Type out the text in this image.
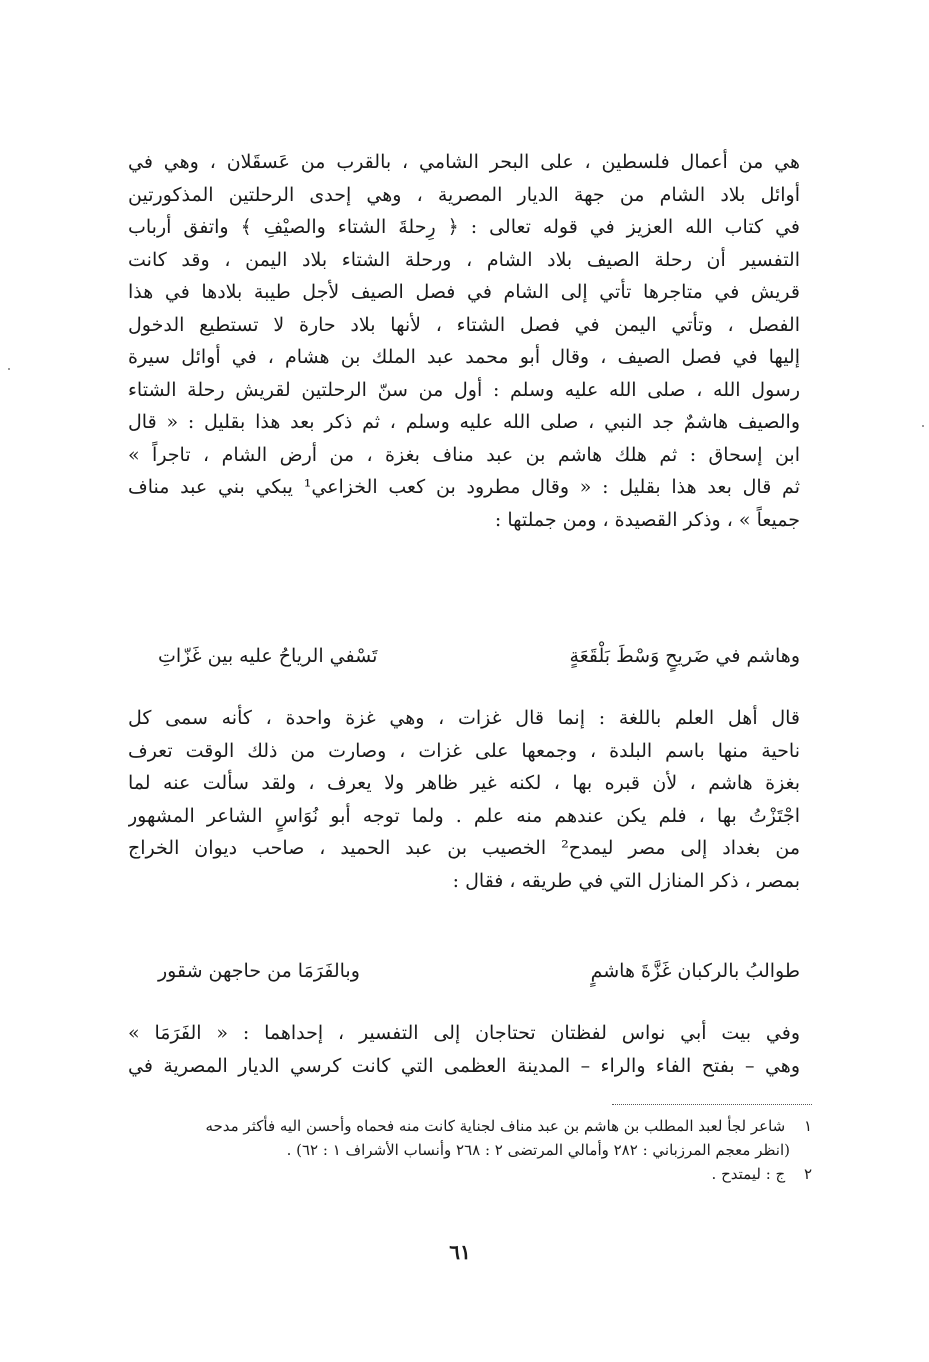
هي من أعمال فلسطين ، على البحر الشامي ، بالقرب من عَسقَلان ، وهي في
أوائل بلاد الشام من جهة الديار المصرية ، وهي إحدى الرحلتين المذكورتين
في كتاب الله العزيز في قوله تعالى : ﴿ رِحلةَ الشتاء والصيْفِ ﴾ واتفق أرباب
التفسير أن رحلة الصيف بلاد الشام ، ورحلة الشتاء بلاد اليمن ، وقد كانت
قريش في متاجرها تأتي إلى الشام في فصل الصيف لأجل طيبة بلادها في هذا
الفصل ، وتأتي اليمن في فصل الشتاء ، لأنها بلاد حارة لا تستطيع الدخول
إليها في فصل الصيف ، وقال أبو محمد عبد الملك بن هشام ، في أوائل سيرة
رسول الله ، صلى الله عليه وسلم : أول من سنّ الرحلتين لقريش رحلة الشتاء
والصيف هاشمٌ جد النبي ، صلى الله عليه وسلم ، ثم ذكر بعد هذا بقليل : « قال
ابن إسحاق : ثم هلك هاشم بن عبد مناف بغزة ، من أرض الشام ، تاجراً »
ثم قال بعد هذا بقليل : « وقال مطرود بن كعب الخزاعي¹ يبكي بني عبد مناف
جميعاً » ، وذكر القصيدة ، ومن جملتها :
وهاشم في ضَريحٍ وَسْطَ بَلْقَعَةٍ
تَسْفي الرياحُ عليه بين غَزّاتِ
قال أهل العلم باللغة : إنما قال غزات ، وهي غزة واحدة ، كأنه سمى كل
ناحية منها باسم البلدة ، وجمعها على غزات ، وصارت من ذلك الوقت تعرف
بغزة هاشم ، لأن قبره بها ، لكنه غير ظاهر ولا يعرف ، ولقد سألت عنه لما
اجْتَزْتُ بها ، فلم يكن عندهم منه علم . ولما توجه أبو نُوَاسٍ الشاعر المشهور
من بغداد إلى مصر ليمدح² الخصيب بن عبد الحميد ، صاحب ديوان الخراج
بمصر ، ذكر المنازل التي في طريقه ، فقال :
طوالبُ بالركبان غَزَّةَ هاشمٍ
وبالفَرَمَا من حاجهن شقور
وفي بيت أبي نواس لفظتان تحتاجان إلى التفسير ، إحداهما : « الفَرَمَا »
وهي – بفتح الفاء والراء – المدينة العظمى التي كانت كرسي الديار المصرية في
١ شاعر لجأ لعبد المطلب بن هاشم بن عبد مناف لجناية كانت منه فحماه وأحسن اليه فأكثر مدحه
(انظر معجم المرزباني : ٢٨٢ وأمالي المرتضى ٢ : ٢٦٨ وأنساب الأشراف ١ : ٦٢) .
٢ ج : ليمتدح .
٦١
